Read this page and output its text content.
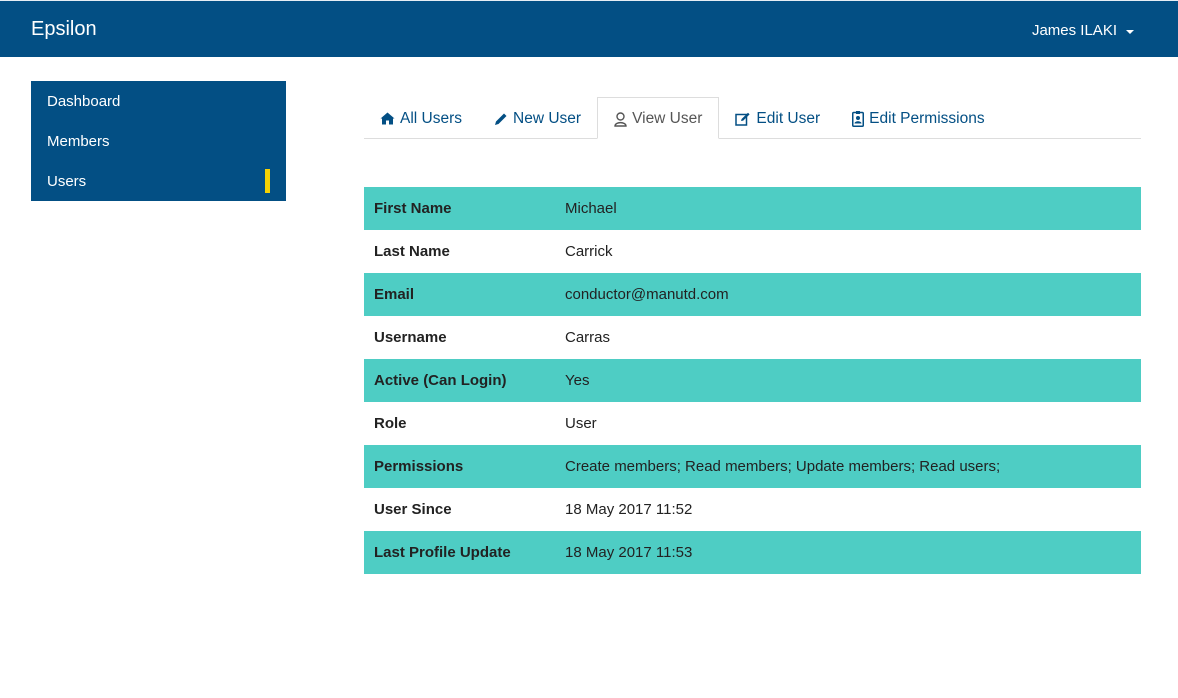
Epsilon	James ILAKI
Dashboard
Members
Users
All Users	New User	View User	Edit User	Edit Permissions
First Name	Michael
Last Name	Carrick
Email	conductor@manutd.com
Username	Carras
Active (Can Login)	Yes
Role	User
Permissions	Create members; Read members; Update members; Read users;
User Since	18 May 2017 11:52
Last Profile Update	18 May 2017 11:53
